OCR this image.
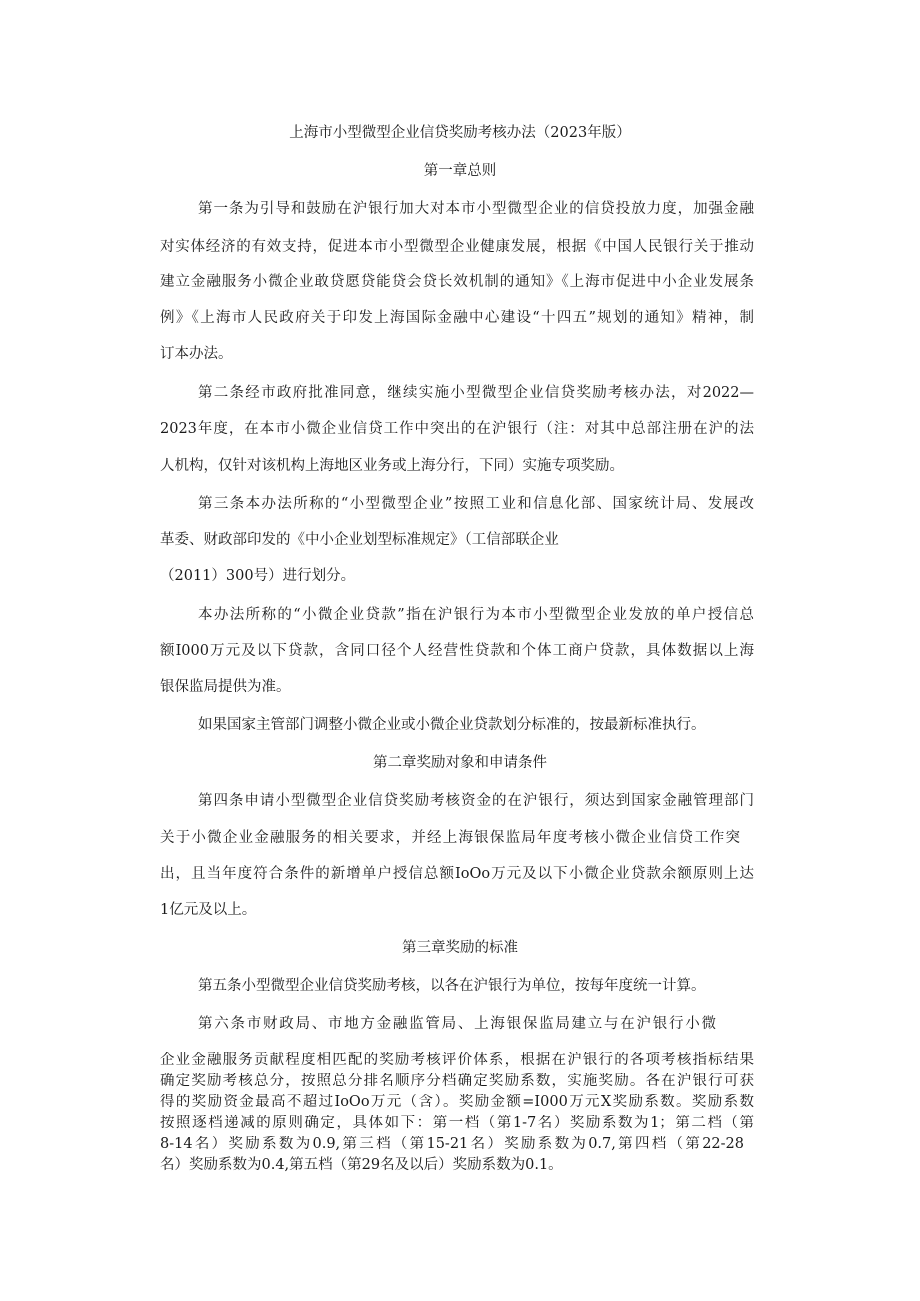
上海市小型微型企业信贷奖励考核办法（2023年版）
第一章总则
第一条为引导和鼓励在沪银行加大对本市小型微型企业的信贷投放力度，加强金融
对实体经济的有效支持，促进本市小型微型企业健康发展，根据《中国人民银行关于推动
建立金融服务小微企业敢贷愿贷能贷会贷长效机制的通知》《上海市促进中小企业发展条
例》《上海市人民政府关于印发上海国际金融中心建设“十四五”规划的通知》精神，制
订本办法。
第二条经市政府批准同意，继续实施小型微型企业信贷奖励考核办法，对2022—
2023年度，在本市小微企业信贷工作中突出的在沪银行（注：对其中总部注册在沪的法
人机构，仅针对该机构上海地区业务或上海分行，下同）实施专项奖励。
第三条本办法所称的“小型微型企业”按照工业和信息化部、国家统计局、发展改
革委、财政部印发的《中小企业划型标准规定》（工信部联企业
（2011）300号）进行划分。
本办法所称的“小微企业贷款”指在沪银行为本市小型微型企业发放的单户授信总
额I000万元及以下贷款，含同口径个人经营性贷款和个体工商户贷款，具体数据以上海
银保监局提供为准。
如果国家主管部门调整小微企业或小微企业贷款划分标准的，按最新标准执行。
第二章奖励对象和申请条件
第四条申请小型微型企业信贷奖励考核资金的在沪银行，须达到国家金融管理部门
关于小微企业金融服务的相关要求，并经上海银保监局年度考核小微企业信贷工作突
出，且当年度符合条件的新增单户授信总额IoOo万元及以下小微企业贷款余额原则上达
1亿元及以上。
第三章奖励的标准
第五条小型微型企业信贷奖励考核，以各在沪银行为单位，按每年度统一计算。
第六条市财政局、市地方金融监管局、上海银保监局建立与在沪银行小微
企业金融服务贡献程度相匹配的奖励考核评价体系，根据在沪银行的各项考核指标结果
确定奖励考核总分，按照总分排名顺序分档确定奖励系数，实施奖励。各在沪银行可获
得的奖励资金最高不超过IoOo万元（含）。奖励金额=I000万元X奖励系数。奖励系数
按照逐档递减的原则确定，具体如下：第一档（第1-7名）奖励系数为1；第二档（第
8-14名）奖励系数为0.9,第三档（第15-21名）奖励系数为0.7,第四档（第22-28
名）奖励系数为0.4,第五档（第29名及以后）奖励系数为0.1。
